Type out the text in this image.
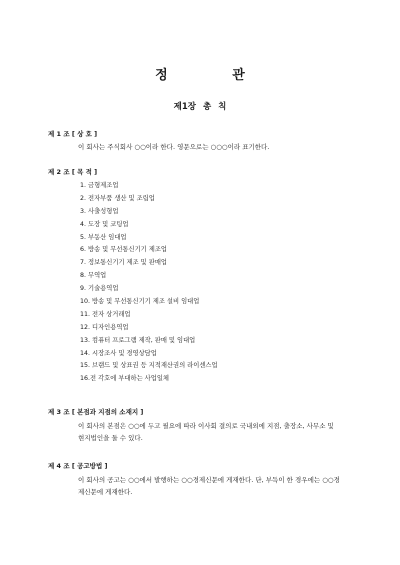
정 관
제1장 총 칙
제 1 조 [ 상 호 ]
이 회사는 주식회사 ○○이라 한다. 영문으로는 ○○○이라 표기한다.
제 2 조 [ 목 적 ]
1. 금형제조업
2. 전자부품 생산 및 조립업
3. 사출성형업
4. 도장 및 코팅업
5. 부동산 임대업
6. 방송 및 무선통신기기 제조업
7. 정보통신기기 제조 및 판매업
8. 무역업
9. 기술용역업
10. 방송 및 무선통신기기 제조 설비 임대업
11. 전자 상거래업
12. 디자인용역업
13. 컴퓨터 프로그램 제작, 판매 및 임대업
14. 시장조사 및 경영상담업
15. 브랜드 및 상표권 등 지적재산권의 라이센스업
16.전 각호에 부대하는 사업일체
제 3 조 [ 본점과 지점의 소재지 ]
이 회사의 본점은 ○○에 두고 필요에 따라 이사회 결의로 국내외에 지점, 출장소, 사무소 및 현지법인을 둘 수 있다.
제 4 조 [ 공고방법 ]
이 회사의 공고는 ○○에서 발행하는 ○○경제신문에 게재한다. 단, 부득이 한 경우에는 ○○경제신문에 게재한다.
